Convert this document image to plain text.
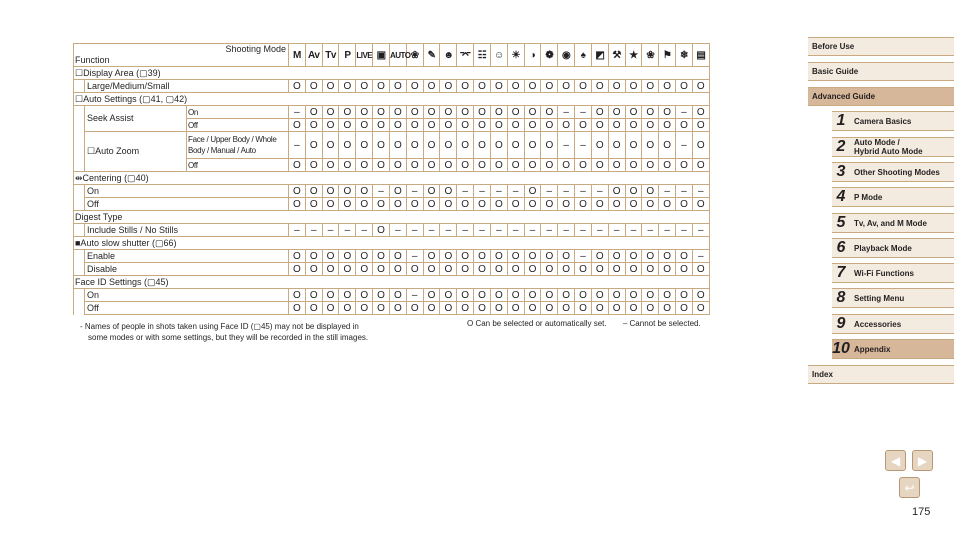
Shooting Mode
Function			M	Av	Tv	P	LIVE	▣	AUTO	❀	✎	☻	⌤	☷	☺	☀	◑	❁	◉	♠	◩	⚒	★	❀	⚑	❄	▤
☐Display Area (▢39)																											
	Large/Medium/Small		O	O	O	O	O	O	O	O	O	O	O	O	O	O	O	O	O	O	O	O	O	O	O	O	O
☐Auto Settings (▢41, ▢42)																											
	Seek Assist	On	–	O	O	O	O	O	O	O	O	O	O	O	O	O	O	O	–	–	O	O	O	O	O	–	O
		Off	O	O	O	O	O	O	O	O	O	O	O	O	O	O	O	O	O	O	O	O	O	O	O	O	O
	☐Auto Zoom	Face / Upper Body / Whole Body / Manual / Auto	–	O	O	O	O	O	O	O	O	O	O	O	O	O	O	O	–	–	O	O	O	O	O	–	O
		Off	O	O	O	O	O	O	O	O	O	O	O	O	O	O	O	O	O	O	O	O	O	O	O	O	O
⇹Centering (▢40)																											
	On		O	O	O	O	O	–	O	–	O	O	–	–	–	–	O	–	–	–	–	O	O	O	–	–	–
	Off		O	O	O	O	O	O	O	O	O	O	O	O	O	O	O	O	O	O	O	O	O	O	O	O	O
Digest Type																											
	Include Stills / No Stills		–	–	–	–	–	O	–	–	–	–	–	–	–	–	–	–	–	–	–	–	–	–	–	–	–
■Auto slow shutter (▢66)																											
	Enable		O	O	O	O	O	O	O	–	O	O	O	O	O	O	O	O	O	–	O	O	O	O	O	O	–
	Disable		O	O	O	O	O	O	O	O	O	O	O	O	O	O	O	O	O	O	O	O	O	O	O	O	O
Face ID Settings (▢45)																											
	On		O	O	O	O	O	O	O	–	O	O	O	O	O	O	O	O	O	O	O	O	O	O	O	O	O
	Off		O	O	O	O	O	O	O	O	O	O	O	O	O	O	O	O	O	O	O	O	O	O	O	O	O
- Names of people in shots taken using Face ID (▢45) may not be displayed in
some modes or with some settings, but they will be recorded in the still images.
O Can be selected or automatically set. – Cannot be selected.
Before Use
Basic Guide
Advanced Guide
1	Camera Basics
2	Auto Mode /
Hybrid Auto Mode
3	Other Shooting Modes
4	P Mode
5	Tv, Av, and M Mode
6	Playback Mode
7	Wi-Fi Functions
8	Setting Menu
9	Accessories
10 Appendix
Index
◀ ▶
↩
175
